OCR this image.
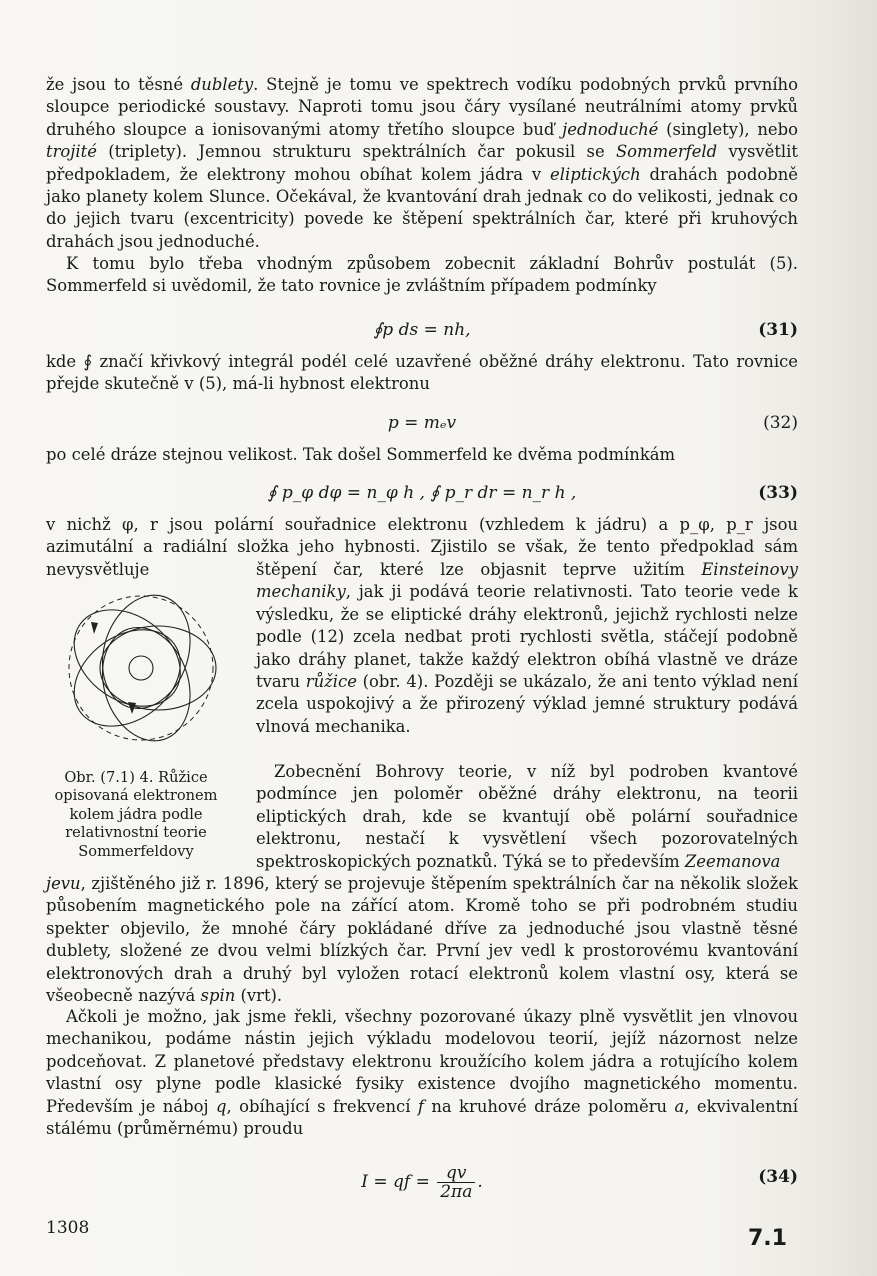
že jsou to těsné dublety. Stejně je tomu ve spektrech vodíku podobných prvků prvního sloupce periodické soustavy. Naproti tomu jsou čáry vysílané neutrálními atomy prvků druhého sloupce a ionisovanými atomy třetího sloupce buď jednoduché (singlety), nebo trojité (triplety). Jemnou strukturu spektrálních čar pokusil se Sommerfeld vysvětlit předpokladem, že elektrony mohou obíhat kolem jádra v eliptických drahách podobně jako planety kolem Slunce. Očekával, že kvantování drah jednak co do velikosti, jednak co do jejich tvaru (excentricity) povede ke štěpení spektrálních čar, které při kruhových drahách jsou jednoduché.

K tomu bylo třeba vhodným způsobem zobecnit základní Bohrův postulát (5). Sommerfeld si uvědomil, že tato rovnice je zvláštním případem podmínky

∮p ds = nh,	(31)

kde ∮ značí křivkový integrál podél celé uzavřené oběžné dráhy elektronu. Tato rovnice přejde skutečně v (5), má-li hybnost elektronu

p = mₑv	(32)

po celé dráze stejnou velikost. Tak došel Sommerfeld ke dvěma podmínkám

∮ p_φ dφ = n_φ h , ∮ p_r dr = n_r h ,	(33)

v nichž φ, r jsou polární souřadnice elektronu (vzhledem k jádru) a p_φ, p_r jsou azimutální a radiální složka jeho hybnosti. Zjistilo se však, že tento předpoklad sám nevysvětluje	štěpení čar, které lze objasnit teprve užitím Einsteinovy mechaniky, jak ji podává teorie relativnosti. Tato teorie vede k výsledku, že se eliptické dráhy elektronů, jejichž rychlosti nelze podle (12) zcela nedbat proti rychlosti světla, stáčejí podobně jako dráhy planet, takže každý elektron obíhá vlastně ve dráze tvaru růžice (obr. 4). Později se ukázalo, že ani tento výklad není zcela uspokojivý a že přirozený výklad jemné struktury podává vlnová mechanika.

Obr. (7.1) 4. Růžice opisovaná elektronem kolem jádra podle relativnostní teorie Sommerfeldovy

Zobecnění Bohrovy teorie, v níž byl podroben kvantové podmínce jen poloměr oběžné dráhy elektronu, na teorii eliptických drah, kde se kvantují obě polární souřadnice elektronu, nestačí k vysvětlení všech pozorovatelných spektroskopických poznatků. Týká se to především Zeemanova

jevu, zjištěného již r. 1896, který se projevuje štěpením spektrálních čar na několik složek působením magnetického pole na zářící atom. Kromě toho se při podrobném studiu spekter objevilo, že mnohé čáry pokládané dříve za jednoduché jsou vlastně těsné dublety, složené ze dvou velmi blízkých čar. První jev vedl k prostorovému kvantování elektronových drah a druhý byl vyložen rotací elektronů kolem vlastní osy, která se všeobecně nazývá spin (vrt).

Ačkoli je možno, jak jsme řekli, všechny pozorované úkazy plně vysvětlit jen vlnovou mechanikou, podáme nástin jejich výkladu modelovou teorií, jejíž názornost nelze podceňovat. Z planetové představy elektronu kroužícího kolem jádra a rotujícího kolem vlastní osy plyne podle klasické fysiky existence dvojího magnetického momentu. Především je náboj q, obíhající s frekvencí f na kruhové dráze poloměru a, ekvivalentní stálému (průměrnému) proudu

I = qf = $\frac{qv}{2\pi a}$ .	(34)
1308	7.1
